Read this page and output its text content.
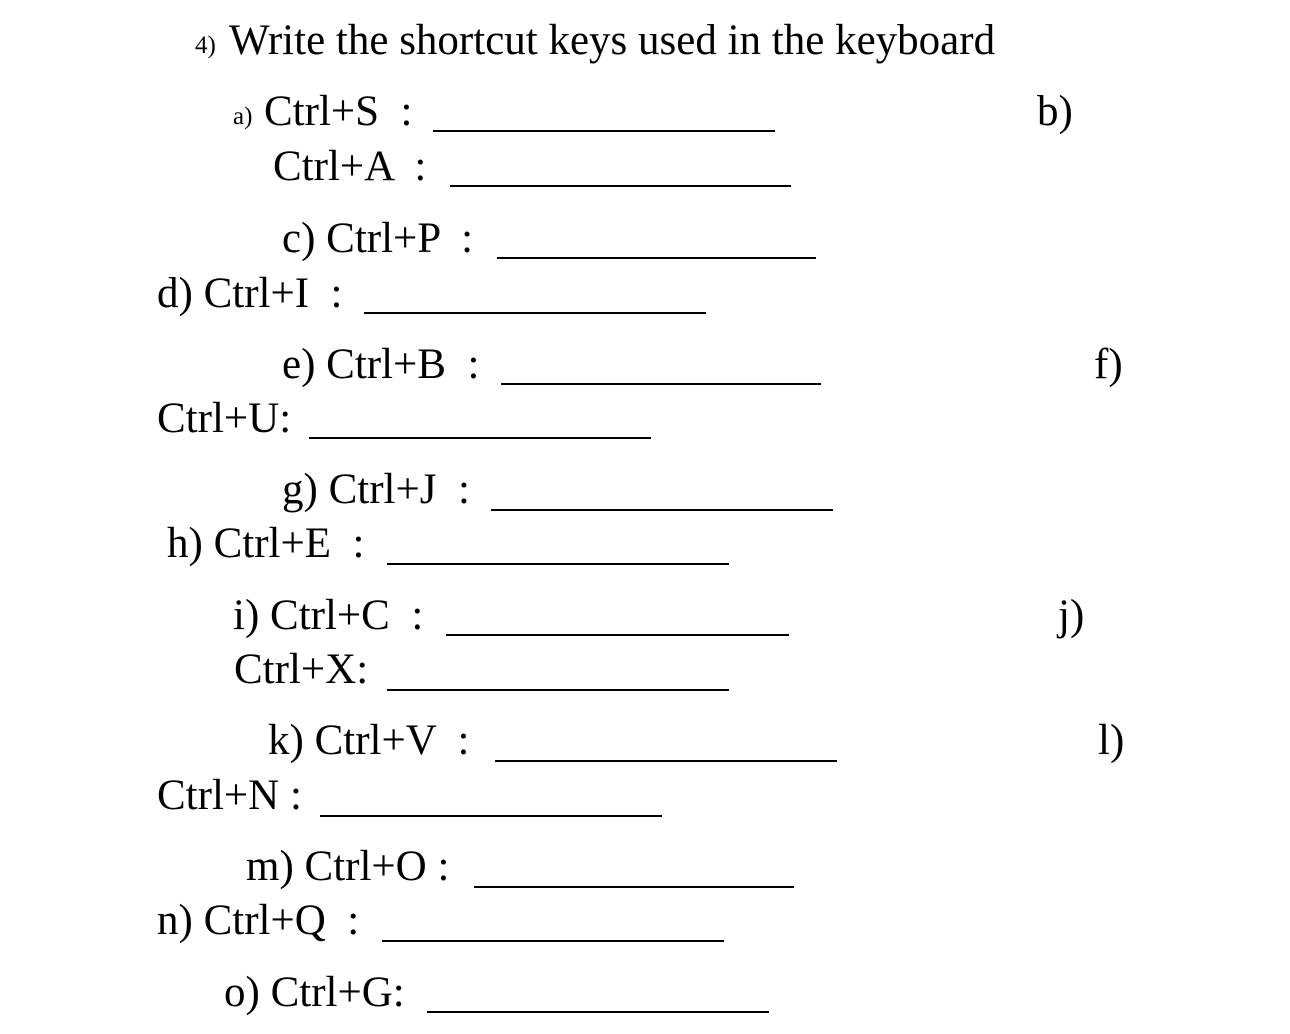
4) Write the shortcut keys used in the keyboard
a) Ctrl+S  :	b)
Ctrl+A  :
c) Ctrl+P  :
d) Ctrl+I  :
e) Ctrl+B  :	f)
Ctrl+U:
g) Ctrl+J  :
h) Ctrl+E  :
i) Ctrl+C  :	j)
Ctrl+X:
k) Ctrl+V  :	l)
Ctrl+N :
m) Ctrl+O :
n) Ctrl+Q  :
o) Ctrl+G:
